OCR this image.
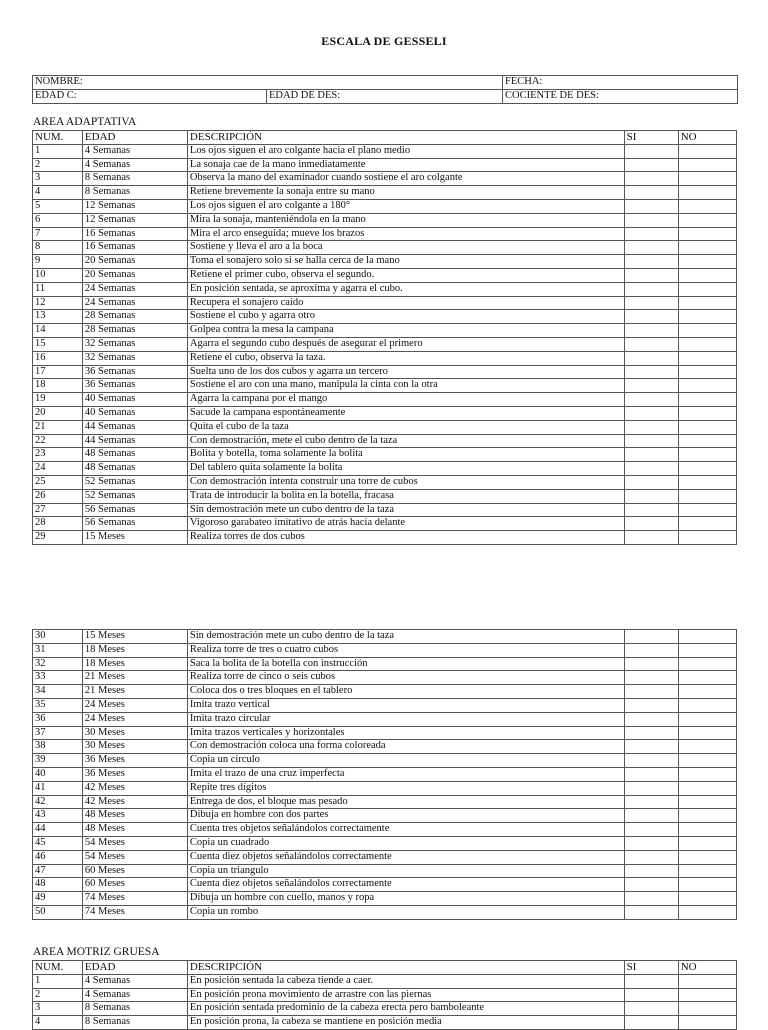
ESCALA DE GESSELI
NOMBRE:		FECHA:
EDAD C:	EDAD DE DES:	COCIENTE DE DES:
AREA ADAPTATIVA
NUM.	EDAD	DESCRIPCIÓN	SI	NO
1	4 Semanas	Los ojos siguen el aro colgante hacia el plano medio		
2	4 Semanas	La sonaja cae de la mano inmediatamente		
3	8 Semanas	Observa la mano del examinador cuando sostiene el aro colgante		
4	8 Semanas	Retiene brevemente la sonaja entre su mano		
5	12 Semanas	Los ojos siguen el aro colgante a 180°		
6	12 Semanas	Mira la sonaja, manteniéndola en la mano		
7	16 Semanas	Mira el arco enseguida; mueve los brazos		
8	16 Semanas	Sostiene y lleva el aro a la boca		
9	20 Semanas	Toma el sonajero solo si se halla cerca de la mano		
10	20 Semanas	Retiene el primer cubo, observa el segundo.		
11	24 Semanas	En posición sentada, se aproxima y agarra el cubo.		
12	24 Semanas	Recupera el sonajero caído		
13	28 Semanas	Sostiene el cubo y agarra otro		
14	28 Semanas	Golpea contra la mesa la campana		
15	32 Semanas	Agarra el segundo cubo después de asegurar el primero		
16	32 Semanas	Retiene el cubo, observa la taza.		
17	36 Semanas	Suelta uno de los dos cubos y agarra un tercero		
18	36 Semanas	Sostiene el aro con una mano, manipula la cinta con la otra		
19	40 Semanas	Agarra la campana por el mango		
20	40 Semanas	Sacude la campana espontáneamente		
21	44 Semanas	Quita el cubo de la taza		
22	44 Semanas	Con demostración, mete el cubo dentro de la taza		
23	48 Semanas	Bolita y botella, toma solamente la bolita		
24	48 Semanas	Del tablero quita solamente la bolita		
25	52 Semanas	Con demostración intenta construir una torre de cubos		
26	52 Semanas	Trata de introducir la bolita en la botella, fracasa		
27	56 Semanas	Sin demostración mete un cubo dentro de la taza		
28	56 Semanas	Vigoroso garabateo imitativo de atrás hacia delante		
29	15 Meses	Realiza torres de dos cubos		
30	15 Meses	Sin demostración mete un cubo dentro de la taza		
31	18 Meses	Realiza torre de tres o cuatro cubos		
32	18 Meses	Saca la bolita de la botella con instrucción		
33	21 Meses	Realiza torre de cinco o seis cubos		
34	21 Meses	Coloca dos o tres bloques en el tablero		
35	24 Meses	Imita trazo vertical		
36	24 Meses	Imita trazo circular		
37	30 Meses	Imita trazos verticales y horizontales		
38	30 Meses	Con demostración coloca una forma coloreada		
39	36 Meses	Copia un circulo		
40	36 Meses	Imita el trazo de una cruz imperfecta		
41	42 Meses	Repite tres dígitos		
42	42 Meses	Entrega de dos, el bloque mas pesado		
43	48 Meses	Dibuja en hombre con dos partes		
44	48 Meses	Cuenta tres objetos señalándolos correctamente		
45	54 Meses	Copia un cuadrado		
46	54 Meses	Cuenta diez objetos señalándolos correctamente		
47	60 Meses	Copia un triangulo		
48	60 Meses	Cuenta diez objetos señalándolos correctamente		
49	74 Meses	Dibuja un hombre con cuello, manos y ropa		
50	74 Meses	Copia un rombo		
AREA MOTRIZ GRUESA
NUM.	EDAD	DESCRIPCIÓN	SI	NO
1	4 Semanas	En posición sentada la cabeza tiende a caer.		
2	4 Semanas	En posición prona movimiento de arrastre con las piernas		
3	8 Semanas	En posición sentada predominio de la cabeza erecta pero bamboleante		
4	8 Semanas	En posición prona, la cabeza se mantiene en posición media		
